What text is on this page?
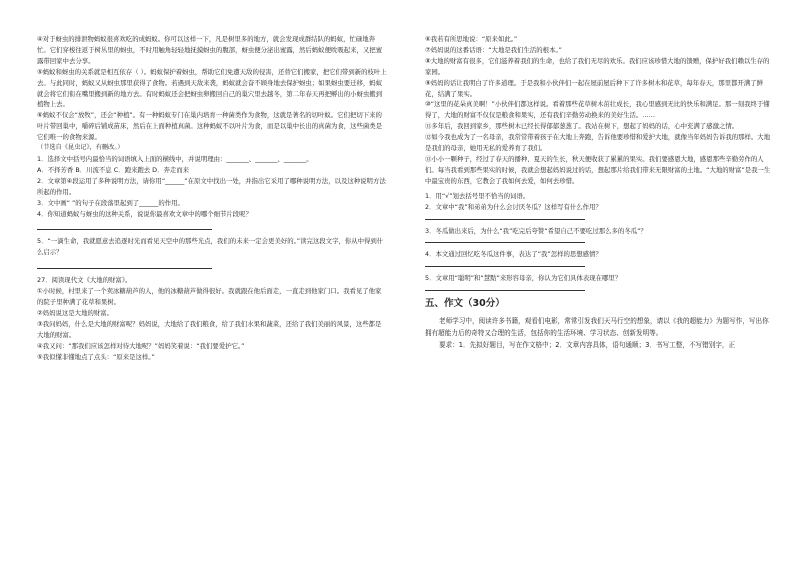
④对于蚜虫的排泄物蚂蚁很喜欢吃的成蚂蚁。你可以这样一下，凡是树里多的地方，就会发现成群结队的蚂蚁，忙碌地奔忙。它们穿梭往返于树丛里的蚜虫，不时用触角轻轻地抚摸蚜虫的腹部，蚜虫便分泌出蜜露，然后蚂蚁便吮吸起来，又把蜜露带回家中去分享。

⑤蚂蚁和蚜虫的关系就是相互依存（ ）。蚂蚁保护着蚜虫，帮助它们免遭天敌的侵害，还替它们搬家，把它们带到新的枝叶上去。与此同时，蚂蚁又从蚜虫那里获得了食物。若遇到天敌来袭，蚂蚁就会奋不顾身地去保护蚜虫；如果蚜虫要迁移，蚂蚁就会将它们衔在嘴里搬到新的地方去。有时蚂蚁还会把蚜虫卵搬回自己的巢穴里去越冬，第二年春天再把孵出的小蚜虫搬到植物上去。

⑥蚂蚁不仅会“放牧”，还会“种植”。有一种蚂蚁专门在巢内培育一种菌类作为食物，这就是著名的切叶蚁。它们把切下来的叶片带回巢中，嚼碎后铺成苗床，然后在上面种植真菌。这种蚂蚁不以叶片为食，而是以巢中长出的真菌为食，这些菌类是它们唯一的食物来源。

（节选自《昆虫记》，有删改。）

1．选择文中括号内最恰当的词语填入上面的横线中，并说明理由：_______、_______、_______。

A．不择芳香 B．川流不息 C．跑来跑去 D．奔走而来

2．文章第④段运用了多种说明方法，请你用“______”在原文中找出一处，并指出它采用了哪种说明方法，以及这种说明方法所起的作用。

3．文中画“ ”的句子在段落里起到了______的作用。

4．你知道蚂蚁与蚜虫的这种关系，说说你最喜欢文章中的哪个细节片段呢？

5．“一滴生命，我就愿意去追逐时光而看见天空中的那些光点，我们的未来一定会更美好的。”读完这段文字，你从中得到什么启示？

27．阅读现代文《大地的财富》。

①小时候，村里来了一个卖冰糖葫芦的人，他的冰糖葫芦做得很好。我就跟在他后面走，一直走到他家门口。我看见了他家的院子里种满了花草和果树。

②妈妈说这是大地的财富。

③我问妈妈，什么是大地的财富呢？妈妈说，大地给了我们粮食，给了我们水果和蔬菜，还给了我们美丽的风景，这些都是大地的财富。

④我又问：“那我们应该怎样对待大地呢？”妈妈笑着说：“我们要爱护它。”

⑤我似懂非懂地点了点头：“原来是这样。”

⑥我若有所思地说：“原来如此。”

⑦妈妈说的这番话语：“大地是我们生活的根本。”

⑧大地的财富有很多，它们滋养着我们的生命，也给了我们无尽的欢乐。我们应该珍惜大地的馈赠，保护好我们赖以生存的家园。

⑨妈妈的话让我明白了许多道理。于是我和小伙伴们一起在屋前屋后种下了许多树木和花草，每年春天，那里都开满了鲜花，结满了果实。

⑩“这里的花朵真美啊！”小伙伴们都这样说。看着那些花草树木茁壮成长，我心里感到无比的快乐和满足。那一刻我终于懂得了，大地的财富不仅仅是粮食和果实，还有我们辛勤劳动换来的美好生活。……

⑪多年后，我回到家乡，那些树木已经长得郁郁葱葱了。我站在树下，想起了妈妈的话，心中充满了感激之情。

⑫如今我也成为了一名母亲，我常常带着孩子在大地上奔跑，告诉他要珍惜和爱护大地，就像当年妈妈告诉我的那样。大地是我们的母亲，她用无私的爱养育了我们。

⑬小小一颗种子，经过了春天的播种、夏天的生长，秋天便收获了累累的果实。我们要感恩大地，感恩那些辛勤劳作的人们。每当我看到那些果实的时候，我就会想起妈妈说过的话，想起那片给我们带来无限财富的土地。“大地的财富”是我一生中最宝贵的东西，它教会了我如何去爱，如何去珍惜。

1．用“√”划去括号里不恰当的词语。

2．文章中“我”和弟弟为什么会讨厌冬瓜？这样写有什么作用？

3．冬瓜做出来后，为什么“我”吃完后夸赞“希望自己不要吃过那么多的冬瓜”？

4．本文通过回忆吃冬瓜这件事，表达了“我”怎样的思想感情？

5．文章用“聪明”和“慧黠”来形容母亲，你认为它们具体表现在哪里？

五、作文（30分）

老师学习中，阅读许多书籍，观看们电影，常常引发我们天马行空的想象，请以《我的超能力》为题写作，写出你拥有超能力后的奇特又合理的生活，包括你的生活环境、学习状态、创新发明等。

要求：1．先拟好题目，写在作文格中；2．文章内容具体，语句通顺；3．书写工整，不写错别字，正
